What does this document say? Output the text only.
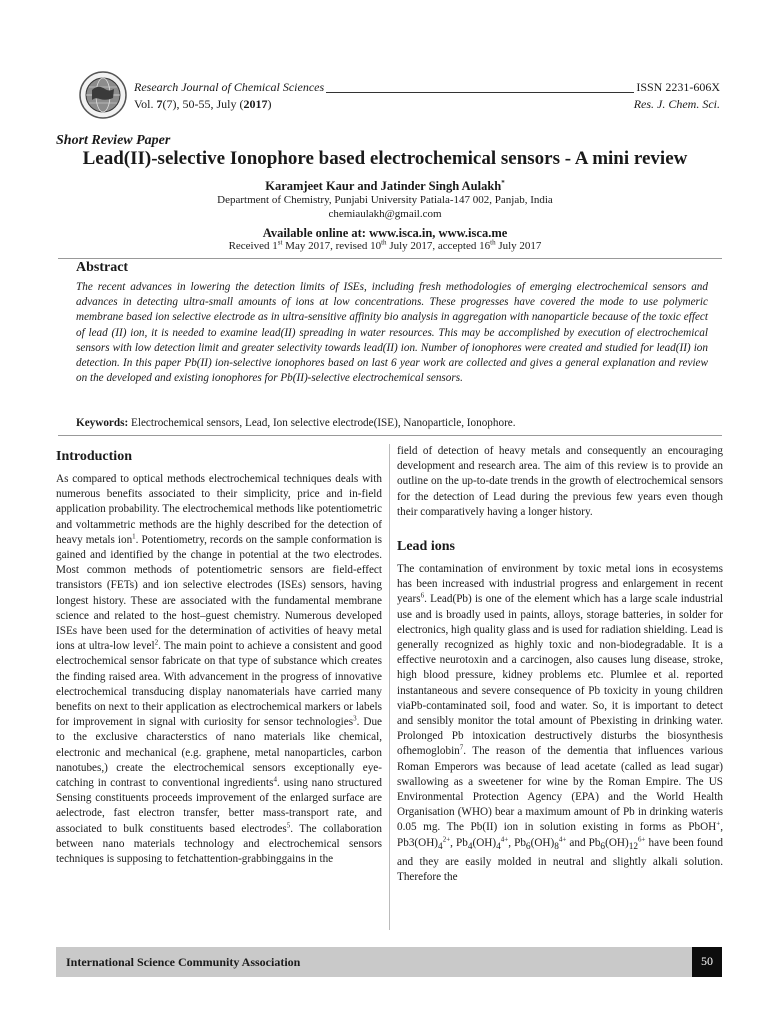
Research Journal of Chemical Sciences	ISSN 2231-606X
Vol. 7(7), 50-55, July (2017)	Res. J. Chem. Sci.
Short Review Paper
Lead(II)-selective Ionophore based electrochemical sensors - A mini review
Karamjeet Kaur and Jatinder Singh Aulakh*
Department of Chemistry, Punjabi University Patiala-147 002, Panjab, India
chemiaulakh@gmail.com
Available online at: www.isca.in, www.isca.me
Received 1st May 2017, revised 10th July 2017, accepted 16th July 2017
Abstract

The recent advances in lowering the detection limits of ISEs, including fresh methodologies of emerging electrochemical sensors and advances in detecting ultra-small amounts of ions at low concentrations. These progresses have covered the mode to use polymeric membrane based ion selective electrode as in ultra-sensitive affinity bio analysis in aggregation with nanoparticle because of the toxic effect of lead (II) ion, it is needed to examine lead(II) spreading in water resources. This may be accomplished by execution of electrochemical sensors with low detection limit and greater selectivity towards lead(II) ion. Number of ionophores were created and studied for lead(II) ion detection. In this paper Pb(II) ion-selective ionophores based on last 6 year work are collected and gives a general explanation and review on the developed and existing ionophores for Pb(II)-selective electrochemical sensors.

Keywords: Electrochemical sensors, Lead, Ion selective electrode(ISE), Nanoparticle, Ionophore.
Introduction

As compared to optical methods electrochemical techniques deals with numerous benefits associated to their simplicity, price and in-field application probability. The electrochemical methods like potentiometric and voltammetric methods are the highly described for the detection of heavy metals ion$^1$. Potentiometry, records on the sample conformation is gained and identified by the change in potential at the two electrodes. Most common methods of potentiometric sensors are field-effect transistors (FETs) and ion selective electrodes (ISEs) sensors, having longest history. These are associated with the fundamental membrane science and related to the host–guest chemistry. Numerous developed ISEs have been used for the determination of activities of heavy metal ions at ultra-low level$^2$. The main point to achieve a consistent and good electrochemical sensor fabricate on that type of substance which creates the finding raised area. With advancement in the progress of innovative electrochemical transducing display nanomaterials have carried many benefits on next to their application as electrochemical markers or labels for improvement in signal with curiosity for sensor technologies$^3$. Due to the exclusive characterstics of nano materials like chemical, electronic and mechanical (e.g. graphene, metal nanoparticles, carbon nanotubes,) create the electrochemical sensors exceptionally eye-catching in contrast to conventional ingredients$^4$. using nano structured Sensing constituents proceeds improvement of the enlarged surface are aelectrode, fast electron transfer, better mass-transport rate, and associated to bulk constituents based electrodes$^5$. The collaboration between nano materials technology and electrochemical sensors techniques is supposing to fetchattention-grabbinggains in the

field of detection of heavy metals and consequently an encouraging development and research area. The aim of this review is to provide an outline on the up-to-date trends in the growth of electrochemical sensors for the detection of Lead during the previous few years even though their comparatively having a longer history.

Lead ions

The contamination of environment by toxic metal ions in ecosystems has been increased with industrial progress and enlargement in recent years$^6$. Lead(Pb) is one of the element which has a large scale industrial use and is broadly used in paints, alloys, storage batteries, in solder for electronics, high quality glass and is used for radiation shielding. Lead is generally recognized as highly toxic and non-biodegradable. It is a effective neurotoxin and a carcinogen, also causes lung disease, stroke, high blood pressure, kidney problems etc. Plumlee et al. reported instantaneous and severe consequence of Pb toxicity in young children viaPb-contaminated soil, food and water. So, it is important to detect and sensibly monitor the total amount of Pbexisting in drinking water. Prolonged Pb intoxication destructively disturbs the biosynthesis ofhemoglobin$^7$. The reason of the dementia that influences various Roman Emperors was because of lead acetate (called as lead sugar) swallowing as a sweetener for wine by the Roman Empire. The US Environmental Protection Agency (EPA) and the World Health Organisation (WHO) bear a maximum amount of Pb in drinking wateris 0.05 mg. The Pb(II) ion in solution existing in forms as PbOH+, $Pb3(OH)_4^{2+}$, $Pb_4(OH)_4^{4+}$, $Pb_6(OH)_8^{4+}$ and $Pb_6(OH)_{12}^{6+}$ have been found and they are easily molded in neutral and slightly alkali solution. Therefore the

International Science Community Association	50
